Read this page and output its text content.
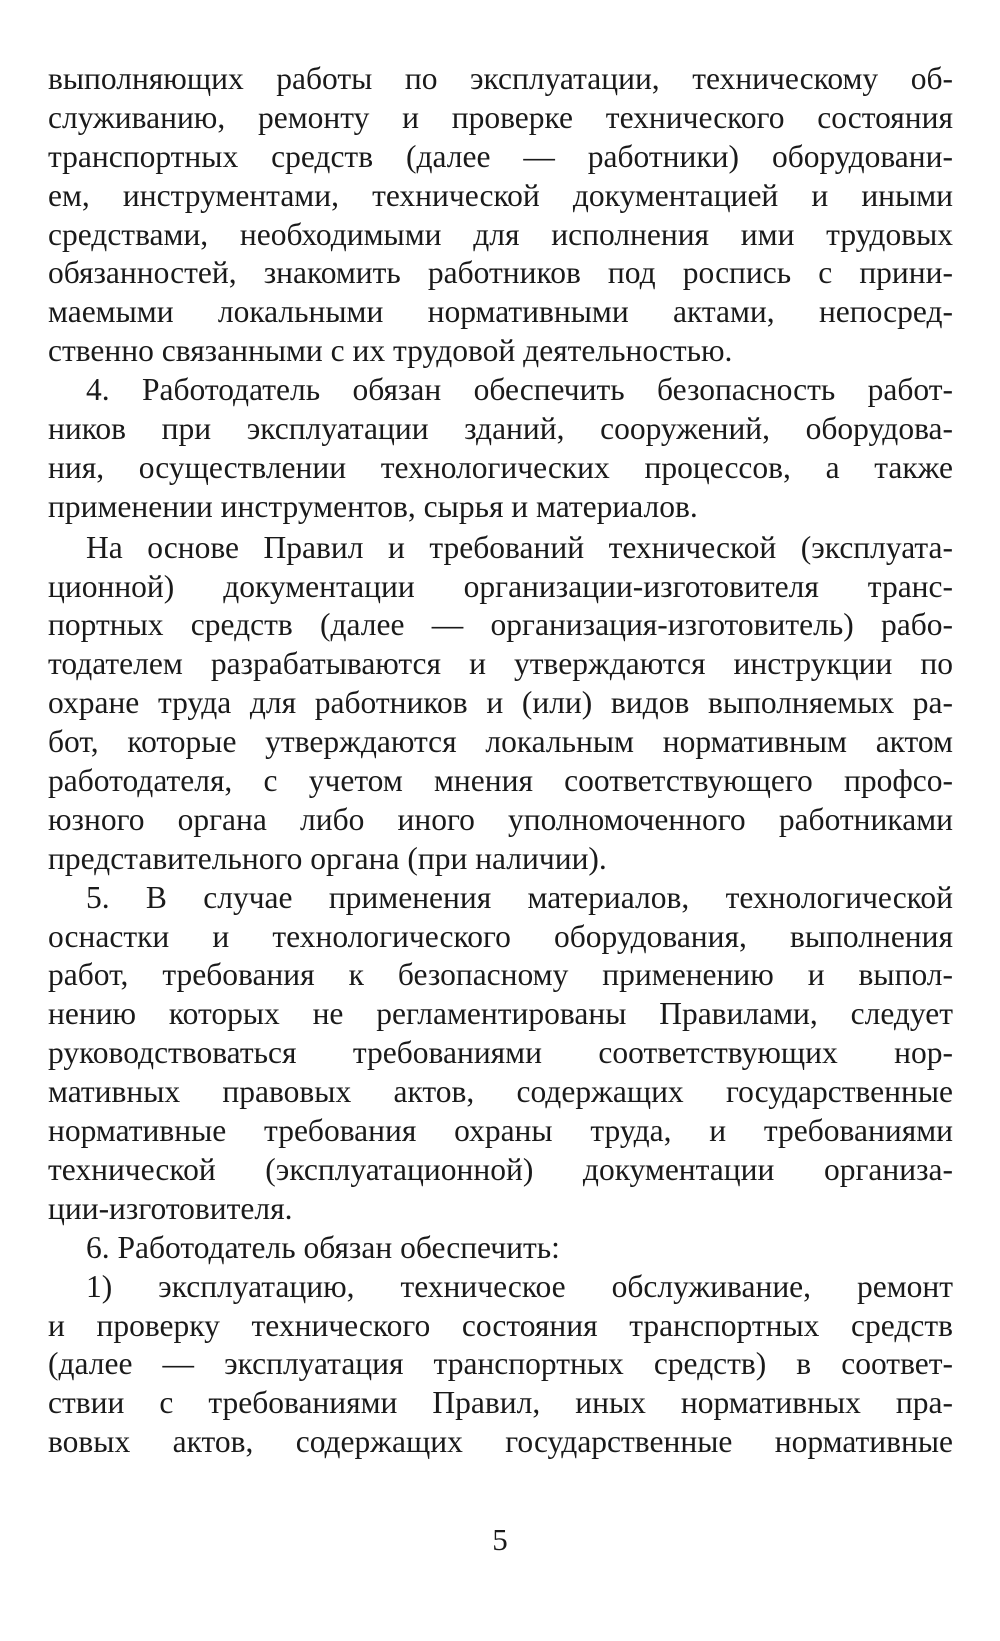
выполняющих работы по эксплуатации, техническому об-
служиванию, ремонту и проверке технического состояния
транспортных средств (далее — работники) оборудовани-
ем, инструментами, технической документацией и иными
средствами, необходимыми для исполнения ими трудовых
обязанностей, знакомить работников под роспись с прини-
маемыми локальными нормативными актами, непосред-
ственно связанными с их трудовой деятельностью.
4. Работодатель обязан обеспечить безопасность работ-
ников при эксплуатации зданий, сооружений, оборудова-
ния, осуществлении технологических процессов, а также
применении инструментов, сырья и материалов.
На основе Правил и требований технической (эксплуата-
ционной) документации организации-изготовителя транс-
портных средств (далее — организация-изготовитель) рабо-
тодателем разрабатываются и утверждаются инструкции по
охране труда для работников и (или) видов выполняемых ра-
бот, которые утверждаются локальным нормативным актом
работодателя, с учетом мнения соответствующего профсо-
юзного органа либо иного уполномоченного работниками
представительного органа (при наличии).
5. В случае применения материалов, технологической
оснастки и технологического оборудования, выполнения
работ, требования к безопасному применению и выпол-
нению которых не регламентированы Правилами, следует
руководствоваться требованиями соответствующих нор-
мативных правовых актов, содержащих государственные
нормативные требования охраны труда, и требованиями
технической (эксплуатационной) документации организа-
ции-изготовителя.
6. Работодатель обязан обеспечить:
1) эксплуатацию, техническое обслуживание, ремонт
и проверку технического состояния транспортных средств
(далее — эксплуатация транспортных средств) в соответ-
ствии с требованиями Правил, иных нормативных пра-
вовых актов, содержащих государственные нормативные
5
